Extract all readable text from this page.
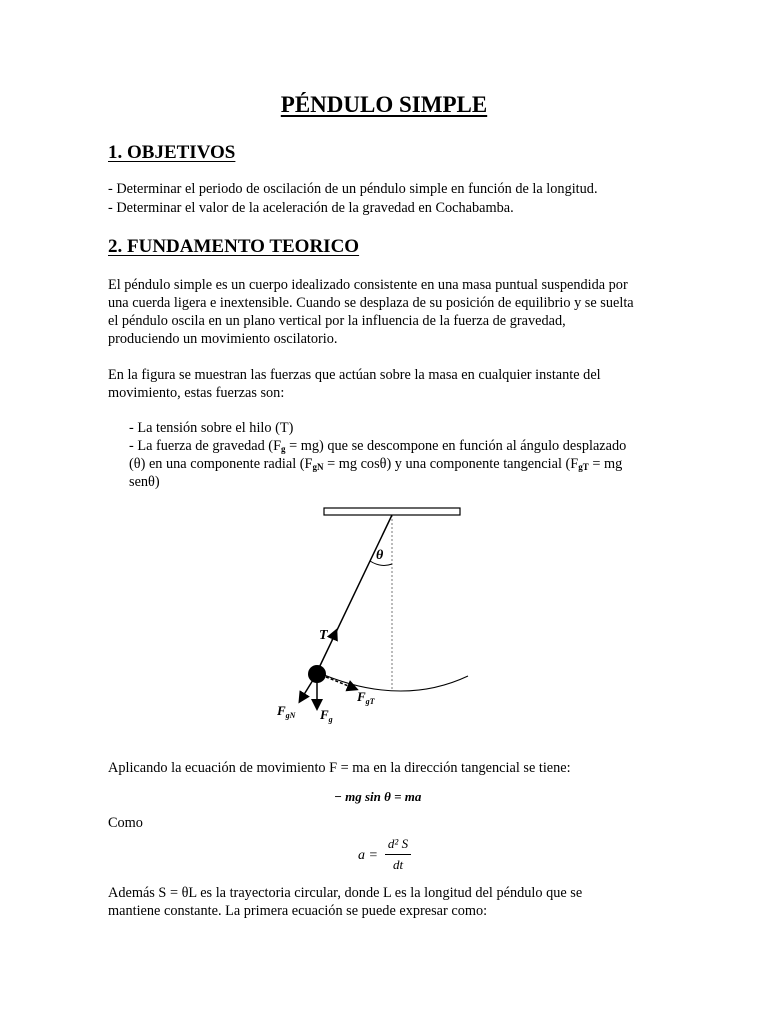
PÉNDULO SIMPLE
1. OBJETIVOS
- Determinar el periodo de oscilación de un péndulo simple en función de la longitud.
- Determinar el valor de la aceleración de la gravedad en Cochabamba.
2. FUNDAMENTO TEORICO
El péndulo simple es un cuerpo idealizado consistente en una masa puntual suspendida por
una cuerda ligera e inextensible. Cuando se desplaza de su posición de equilibrio y se suelta
el péndulo oscila en un plano vertical por la influencia de la fuerza de gravedad,
produciendo un movimiento oscilatorio.
En la figura se muestran las fuerzas que actúan sobre la masa en cualquier instante del
movimiento, estas fuerzas son:
- La tensión sobre el hilo (T)
- La fuerza de gravedad $(F_g = mg)$ que se descompone en función al ángulo desplazado
(θ) en una componente radial ($F_{gN}$ = mg cosθ) y una componente tangencial ($F_{gT}$ = mg
senθ)
θ
T
$F_g$
$F_{gN}$
$F_{gT}$
Aplicando la ecuación de movimiento F = ma en la dirección tangencial se tiene:
− mg sin θ = ma
Como
a =
d² S
dt
Además S = θL es la trayectoria circular, donde L es la longitud del péndulo que se
mantiene constante. La primera ecuación se puede expresar como:
